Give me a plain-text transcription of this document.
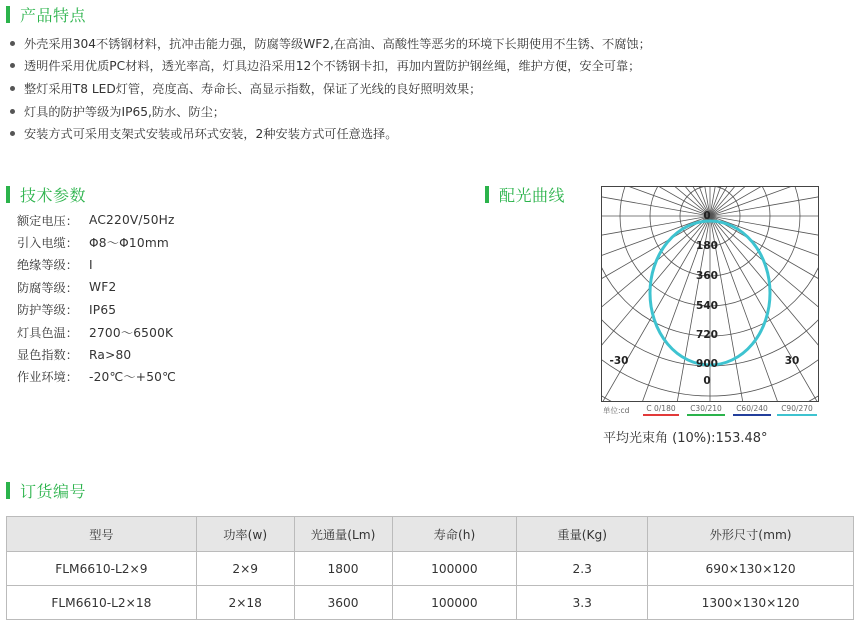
产品特点
外壳采用304不锈钢材料，抗冲击能力强，防腐等级WF2,在高油、高酸性等恶劣的环境下长期使用不生锈、不腐蚀；
透明件采用优质PC材料，透光率高，灯具边沿采用12个不锈钢卡扣，再加内置防护钢丝绳，维护方便，安全可靠；
整灯采用T8 LED灯管，亮度高、寿命长、高显示指数，保证了光线的良好照明效果；
灯具的防护等级为IP65,防水、防尘；
安装方式可采用支架式安装或吊环式安装，2种安装方式可任意选择。
技术参数
额定电压： AC220V/50Hz
引入电缆： Φ8～Φ10mm
绝缘等级： I
防腐等级： WF2
防护等级： IP65
灯具色温： 2700～6500K
显色指数： Ra>80
作业环境： -20℃～+50℃
配光曲线
0
180
360
540
720
900
0
-30	30
单位:cd	C 0/180	C30/210	C60/240	C90/270
平均光束角 (10%):153.48°
订货编号
型号	功率(w)	光通量(Lm)	寿命(h)	重量(Kg)	外形尺寸(mm)
FLM6610-L2×9	2×9	1800	100000	2.3	690×130×120
FLM6610-L2×18	2×18	3600	100000	3.3	1300×130×120
